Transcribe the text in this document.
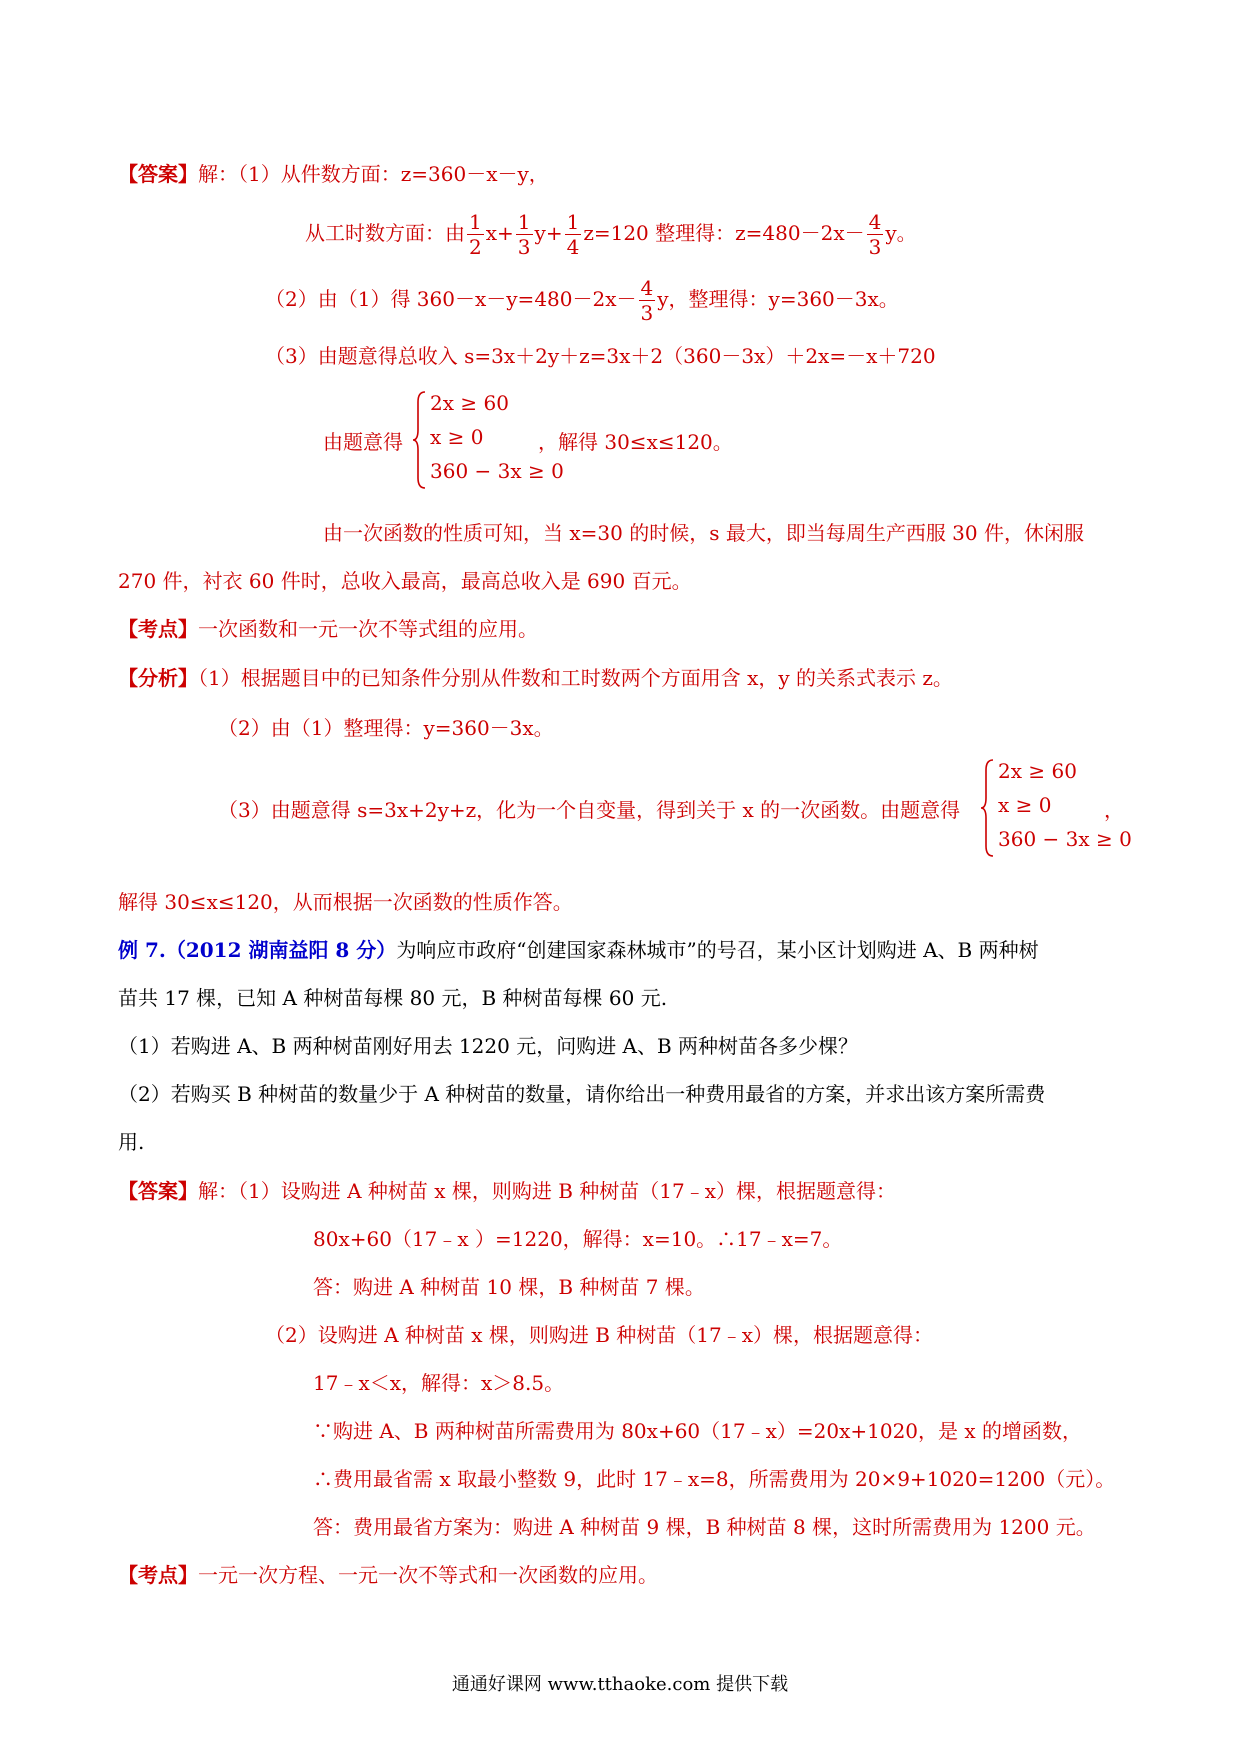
【答案】解：（1）从件数方面：z=360－x－y，
从工时数方面：由 $\frac{1}{2} x+ \frac{1}{3} y+ \frac{1}{4} z=120$ 整理得：$z=480-2x- \frac{4}{3}$ y。
（2）由（1）得 $360-x-y=480-2x- \frac{4}{3}$ y，整理得：y=360－3x。
（3）由题意得总收入 s=3x＋2y＋z=3x＋2（360－3x）＋2x=－x＋720
由题意得
2x ≥ 60
x ≥ 0
360 − 3x ≥ 0
，解得 30≤x≤120。
由一次函数的性质可知，当 x=30 的时候，s 最大，即当每周生产西服 30 件，休闲服
270 件，衬衣 60 件时，总收入最高，最高总收入是 690 百元。
【考点】一次函数和一元一次不等式组的应用。
【分析】（1）根据题目中的已知条件分别从件数和工时数两个方面用含 x，y 的关系式表示 z。
（2）由（1）整理得：y=360－3x。
（3）由题意得 s=3x+2y+z，化为一个自变量，得到关于 x 的一次函数。由题意得
2x ≥ 60
x ≥ 0
360 − 3x ≥ 0
，
解得 30≤x≤120，从而根据一次函数的性质作答。
例 7.（2012 湖南益阳 8 分）为响应市政府“创建国家森林城市”的号召，某小区计划购进 A、B 两种树
苗共 17 棵，已知 A 种树苗每棵 80 元，B 种树苗每棵 60 元.
（1）若购进 A、B 两种树苗刚好用去 1220 元，问购进 A、B 两种树苗各多少棵？
（2）若购买 B 种树苗的数量少于 A 种树苗的数量，请你给出一种费用最省的方案，并求出该方案所需费
用.
【答案】解：（1）设购进 A 种树苗 x 棵，则购进 B 种树苗（17﹣x）棵，根据题意得：
80x+60（17﹣x ）=1220，解得：x=10。∴17﹣x=7。
答：购进 A 种树苗 10 棵，B 种树苗 7 棵。
（2）设购进 A 种树苗 x 棵，则购进 B 种树苗（17﹣x）棵，根据题意得：
17﹣x＜x，解得：x＞8.5。
∵购进 A、B 两种树苗所需费用为 80x+60（17﹣x）=20x+1020，是 x 的增函数，
∴费用最省需 x 取最小整数 9，此时 17﹣x=8，所需费用为 20×9+1020=1200（元）。
答：费用最省方案为：购进 A 种树苗 9 棵，B 种树苗 8 棵，这时所需费用为 1200 元。
【考点】一元一次方程、一元一次不等式和一次函数的应用。
通通好课网 www.tthaoke.com 提供下载
